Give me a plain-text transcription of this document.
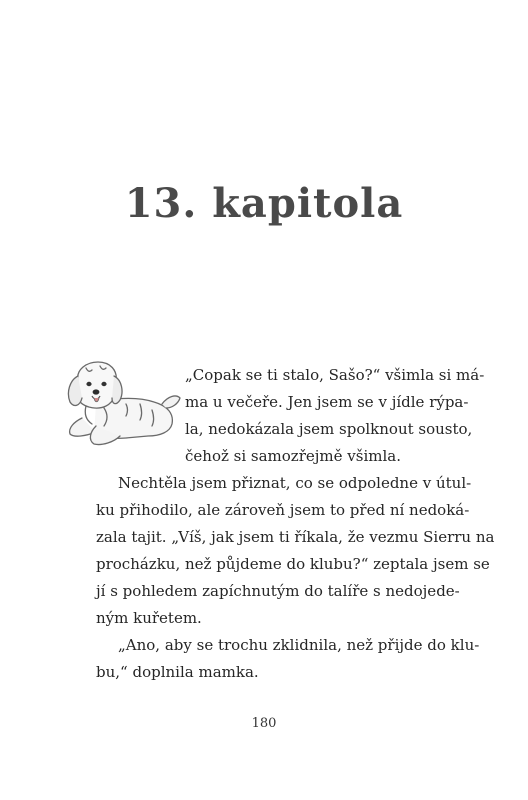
13. kapitola
„Copak se ti stalo, Sašo?“ všimla si má-
ma u večeře. Jen jsem se v jídle rýpa-
la, nedokázala jsem spolknout sousto,
čehož si samozřejmě všimla.
Nechtěla jsem přiznat, co se odpoledne v útul-
ku přihodilo, ale zároveň jsem to před ní nedoká-
zala tajit. „Víš, jak jsem ti říkala, že vezmu Sierru na
procházku, než půjdeme do klubu?“ zeptala jsem se
jí s pohledem zapíchnutým do talíře s nedojede-
ným kuřetem.
„Ano, aby se trochu zklidnila, než přijde do klu-
bu,“ doplnila mamka.
180
